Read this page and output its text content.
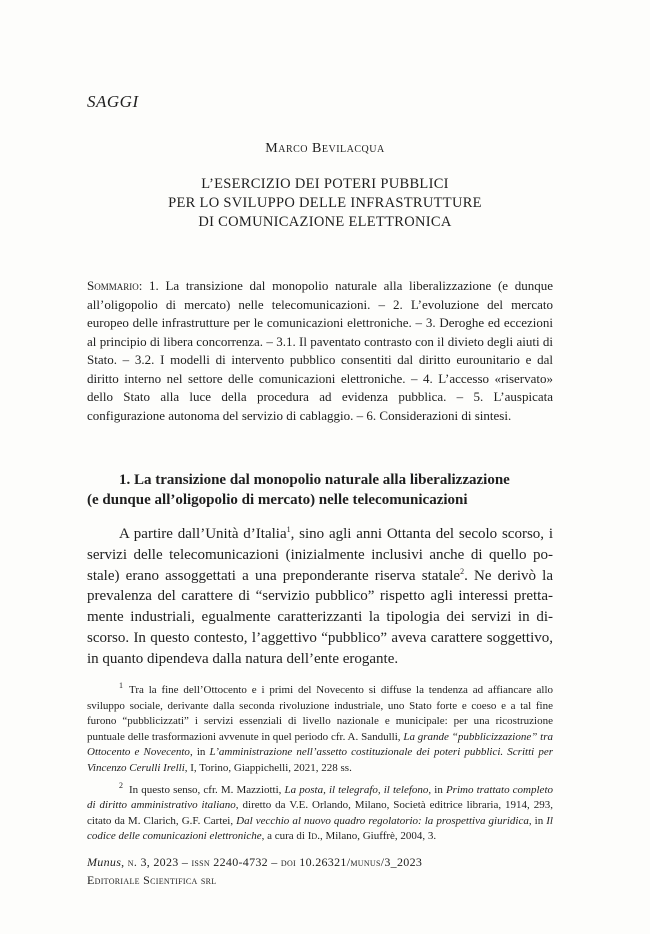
SAGGI
Marco Bevilacqua
L’ESERCIZIO DEI POTERI PUBBLICI
PER LO SVILUPPO DELLE INFRASTRUTTURE
DI COMUNICAZIONE ELETTRONICA
Sommario: 1. La transizione dal monopolio naturale alla liberalizzazione (e dunque all’oligopolio di mercato) nelle telecomunicazioni. – 2. L’evoluzione del mercato europeo delle infrastrutture per le comunicazioni elettroniche. – 3. Deroghe ed eccezioni al principio di libera concorrenza. – 3.1. Il paventato contrasto con il divieto degli aiuti di Stato. – 3.2. I modelli di intervento pubblico consentiti dal diritto eurounitario e dal diritto interno nel settore delle comunicazioni elettroniche. – 4. L’accesso «riservato» dello Stato alla luce della procedura ad evidenza pubblica. – 5. L’auspicata configurazione autonoma del servizio di cablaggio. – 6. Considerazioni di sintesi.
1. La transizione dal monopolio naturale alla liberalizzazione
(e dunque all’oligopolio di mercato) nelle telecomunicazioni
A partire dall’Unità d’Italia$^1$, sino agli anni Ottanta del secolo scorso, i
servizi delle telecomunicazioni (inizialmente inclusivi anche di quello po-
stale) erano assoggettati a una preponderante riserva statale$^2$. Ne derivò la
prevalenza del carattere di “servizio pubblico” rispetto agli interessi pretta-
mente industriali, egualmente caratterizzanti la tipologia dei servizi in di-
scorso. In questo contesto, l’aggettivo “pubblico” aveva carattere soggettivo,
in quanto dipendeva dalla natura dell’ente erogante.
$^1$ Tra la fine dell’Ottocento e i primi del Novecento si diffuse la tendenza ad affiancare allo sviluppo sociale, derivante dalla seconda rivoluzione industriale, uno Stato forte e coeso e a tal fine furono “pubblicizzati” i servizi essenziali di livello nazionale e municipale: per una ricostruzione puntuale delle trasformazioni avvenute in quel periodo cfr. A. Sandulli, La grande “pubblicizzazione” tra Ottocento e Novecento, in L’amministrazione nell’assetto costituzionale dei poteri pubblici. Scritti per Vincenzo Cerulli Irelli, I, Torino, Giappichelli, 2021, 228 ss.
$^2$ In questo senso, cfr. M. Mazziotti, La posta, il telegrafo, il telefono, in Primo trattato completo di diritto amministrativo italiano, diretto da V.E. Orlando, Milano, Società editrice libraria, 1914, 293, citato da M. Clarich, G.F. Cartei, Dal vecchio al nuovo quadro regolatorio: la prospettiva giuridica, in Il codice delle comunicazioni elettroniche, a cura di Id., Milano, Giuffrè, 2004, 3.
Munus, n. 3, 2023 – issn 2240-4732 – doi 10.26321/munus/3_2023
Editoriale Scientifica srl
